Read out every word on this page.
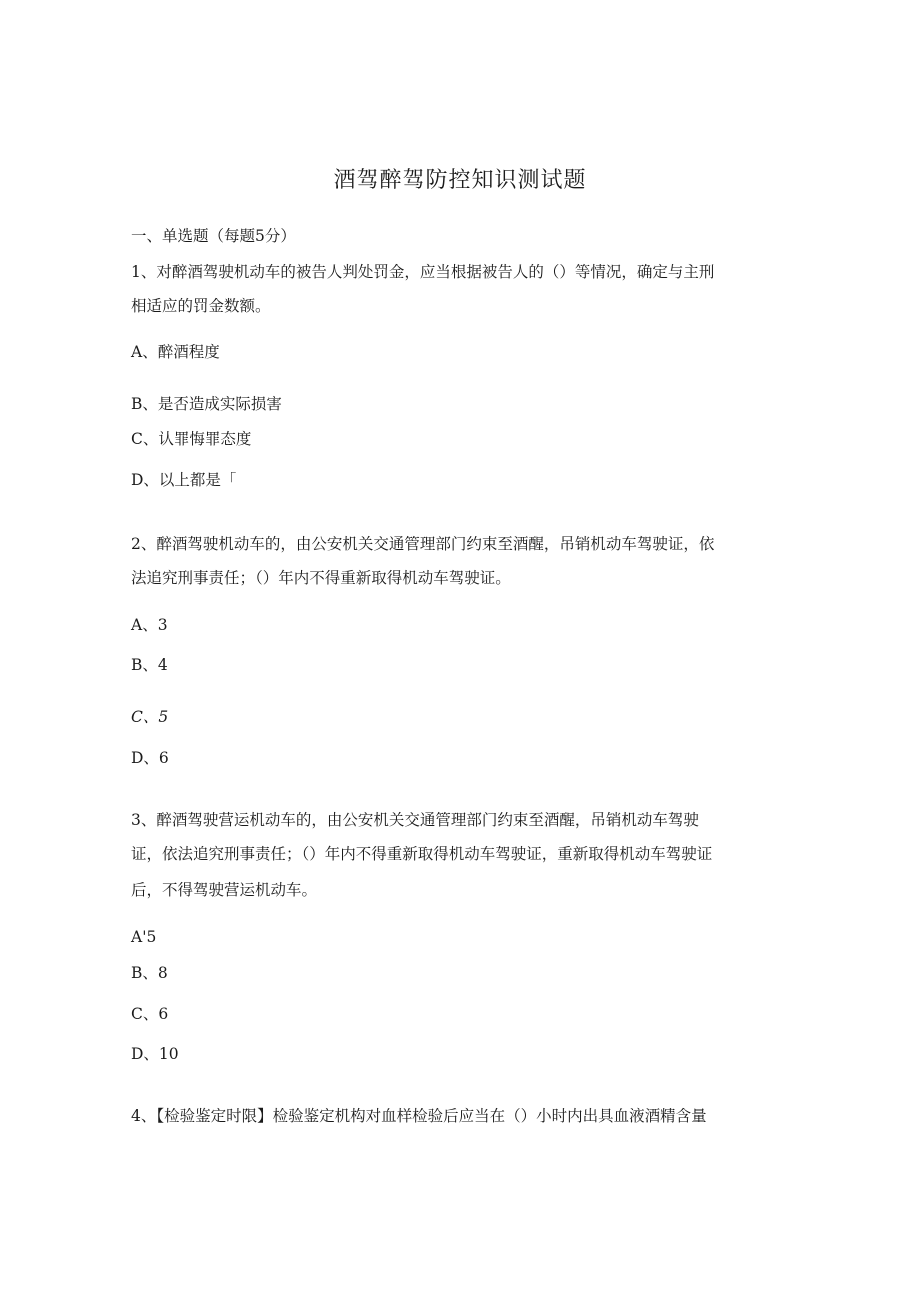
酒驾醉驾防控知识测试题
一、单选题（每题5分）
1、对醉酒驾驶机动车的被告人判处罚金，应当根据被告人的（）等情况，确定与主刑
相适应的罚金数额。
A、醉酒程度
B、是否造成实际损害
C、认罪悔罪态度
D、以上都是「
2、醉酒驾驶机动车的，由公安机关交通管理部门约束至酒醒，吊销机动车驾驶证，依
法追究刑事责任；（）年内不得重新取得机动车驾驶证。
A、3
B、4
C、5
D、6
3、醉酒驾驶营运机动车的，由公安机关交通管理部门约束至酒醒，吊销机动车驾驶
证，依法追究刑事责任；（）年内不得重新取得机动车驾驶证，重新取得机动车驾驶证
后，不得驾驶营运机动车。
A'5
B、8
C、6
D、10
4、【检验鉴定时限】检验鉴定机构对血样检验后应当在（）小时内出具血液酒精含量
